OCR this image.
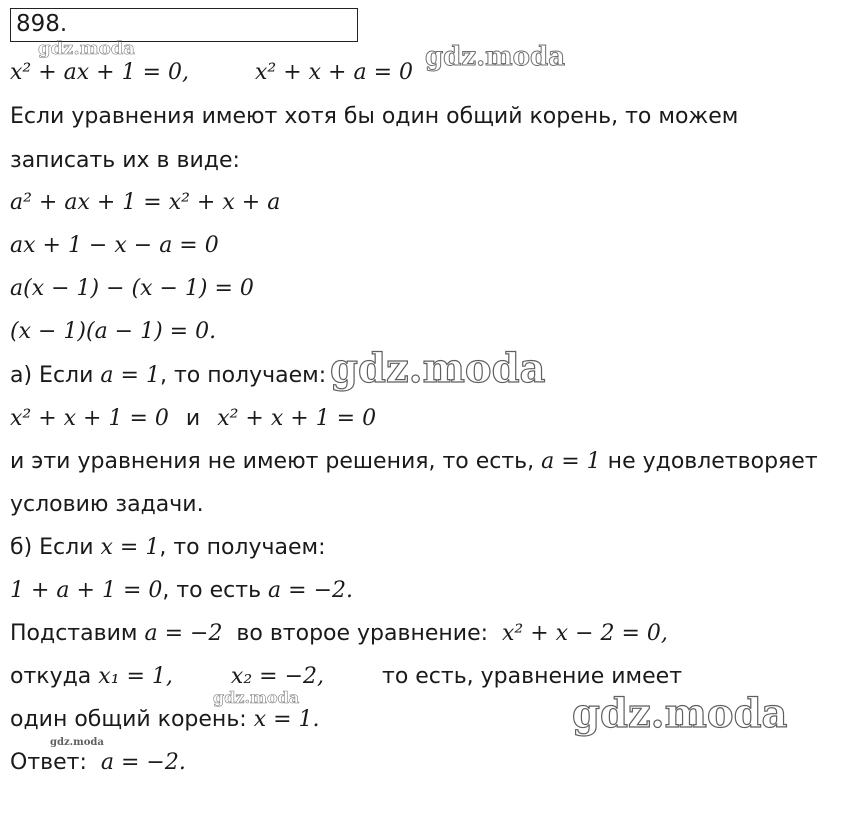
898.
x² + ax + 1 = 0,	x² + x + a = 0
Если уравнения имеют хотя бы один общий корень, то можем
записать их в виде:
a² + ax + 1 = x² + x + a
ax + 1 − x − a = 0
a(x − 1) − (x − 1) = 0
(x − 1)(a − 1) = 0.
а) Если a = 1, то получаем:
x² + x + 1 = 0 и x² + x + 1 = 0
и эти уравнения не имеют решения, то есть, a = 1 не удовлетворяет
условию задачи.
б) Если x = 1, то получаем:
1 + a + 1 = 0, то есть a = −2.
Подставим a = −2  во второе уравнение:  x² + x − 2 = 0,
откуда x₁ = 1,	x₂ = −2,	то есть, уравнение имеет
один общий корень: x = 1.
Ответ:  a = −2.
gdz.moda	gdz.moda
gdz.moda
gdz.moda	gdz.moda
gdz.moda
